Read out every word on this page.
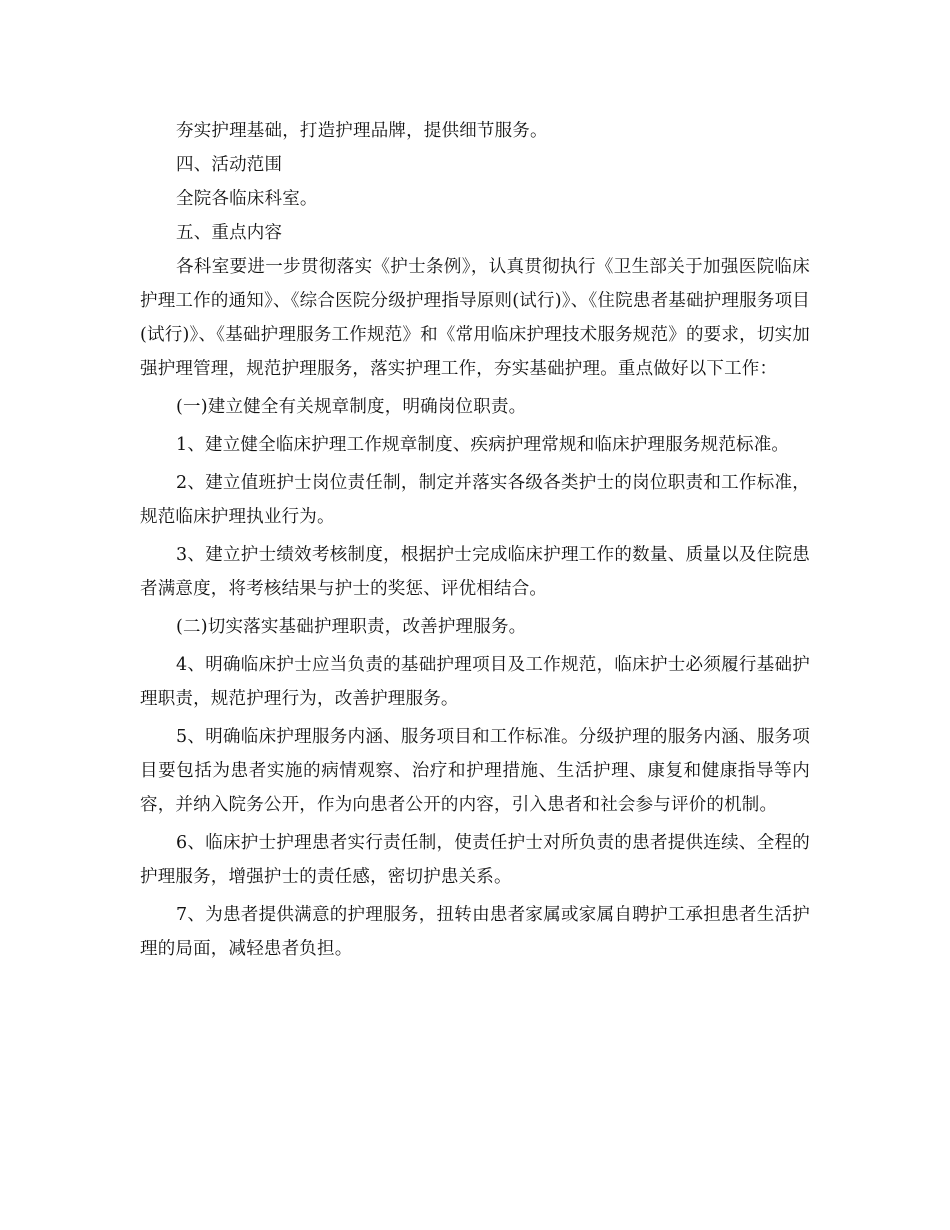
夯实护理基础，打造护理品牌，提供细节服务。

四、活动范围

全院各临床科室。

五、重点内容

各科室要进一步贯彻落实《护士条例》，认真贯彻执行《卫生部关于加强医院临床护理工作的通知》、《综合医院分级护理指导原则(试行)》、《住院患者基础护理服务项目(试行)》、《基础护理服务工作规范》和《常用临床护理技术服务规范》的要求，切实加强护理管理，规范护理服务，落实护理工作，夯实基础护理。重点做好以下工作：

(一)建立健全有关规章制度，明确岗位职责。

1、建立健全临床护理工作规章制度、疾病护理常规和临床护理服务规范标准。

2、建立值班护士岗位责任制，制定并落实各级各类护士的岗位职责和工作标准，规范临床护理执业行为。

3、建立护士绩效考核制度，根据护士完成临床护理工作的数量、质量以及住院患者满意度，将考核结果与护士的奖惩、评优相结合。

(二)切实落实基础护理职责，改善护理服务。

4、明确临床护士应当负责的基础护理项目及工作规范，临床护士必须履行基础护理职责，规范护理行为，改善护理服务。

5、明确临床护理服务内涵、服务项目和工作标准。分级护理的服务内涵、服务项目要包括为患者实施的病情观察、治疗和护理措施、生活护理、康复和健康指导等内容，并纳入院务公开，作为向患者公开的内容，引入患者和社会参与评价的机制。

6、临床护士护理患者实行责任制，使责任护士对所负责的患者提供连续、全程的护理服务，增强护士的责任感，密切护患关系。

7、为患者提供满意的护理服务，扭转由患者家属或家属自聘护工承担患者生活护理的局面，减轻患者负担。
